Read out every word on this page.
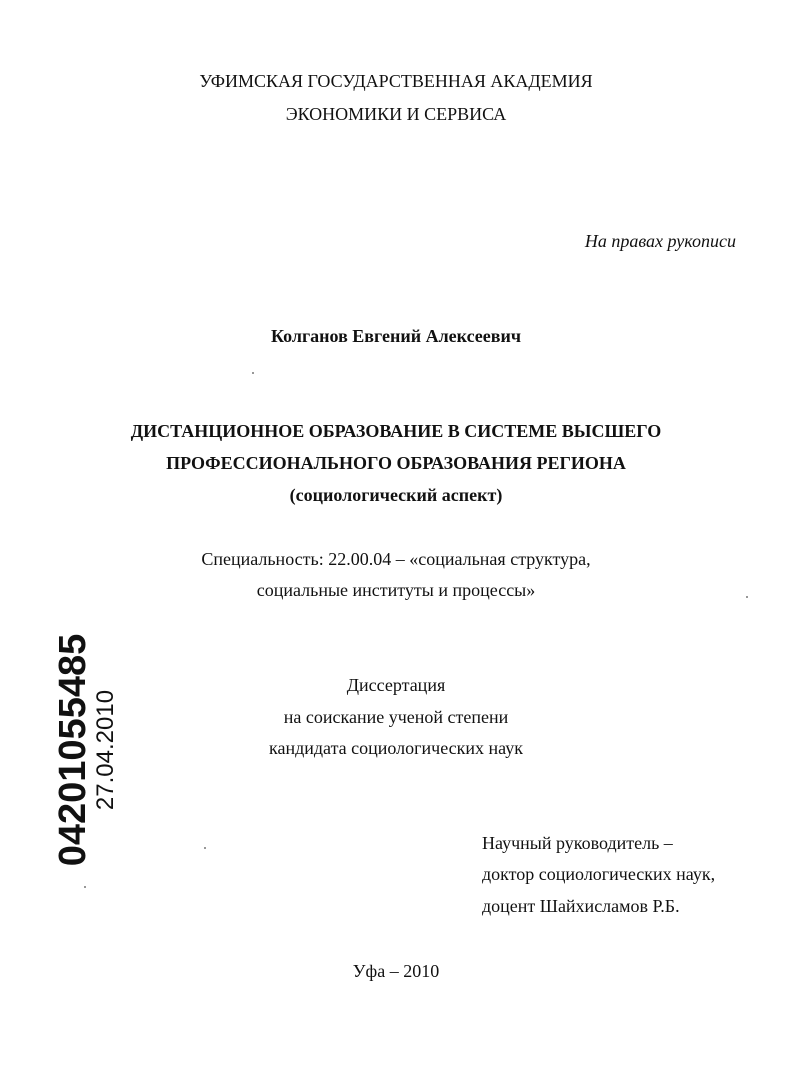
УФИМСКАЯ ГОСУДАРСТВЕННАЯ АКАДЕМИЯ
ЭКОНОМИКИ И СЕРВИСА
На правах рукописи
Колганов Евгений Алексеевич
ДИСТАНЦИОННОЕ ОБРАЗОВАНИЕ В СИСТЕМЕ ВЫСШЕГО
ПРОФЕССИОНАЛЬНОГО ОБРАЗОВАНИЯ РЕГИОНА
(социологический аспект)
Специальность: 22.00.04 – «социальная структура,
социальные институты и процессы»
Диссертация
на соискание ученой степени
кандидата социологических наук
Научный руководитель –
доктор социологических наук,
доцент Шайхисламов Р.Б.
Уфа – 2010
04201055485
27.04.2010
